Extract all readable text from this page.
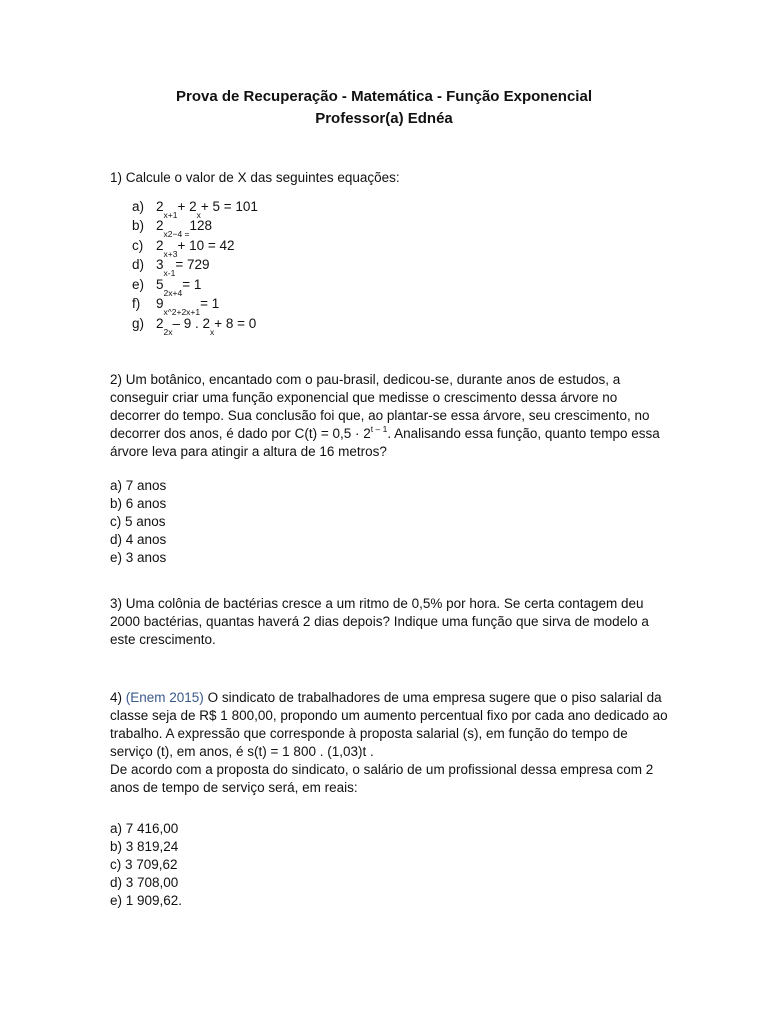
Prova de Recuperação - Matemática - Função Exponencial
Professor(a) Ednéa
1) Calcule o valor de X das seguintes equações:
a) 2
$^{x+1}$
+ 2
$^x$
+ 5 = 101
b) 2
$^{x2-4 =}$
128
c) 2
$^{x+3}$
+ 10 = 42
d) 3
$^{x-1}$
= 729
e) 5
$^{2x+4}$
= 1
f)	9
$^{x\^{}2+2x+1}$
= 1
g) 2
$^{2x}$
– 9 . 2
$^x$
+ 8 = 0

2) Um botânico, encantado com o pau-brasil, dedicou-se, durante anos de estudos, a conseguir criar uma função exponencial que medisse o crescimento dessa árvore no decorrer do tempo. Sua conclusão foi que, ao plantar-se essa árvore, seu crescimento, no decorrer dos anos, é dado por $C(t) = 0,5 \cdot 2^{t - 1}$. Analisando essa função, quanto tempo essa árvore leva para atingir a altura de 16 metros?

a) 7 anos
b) 6 anos
c) 5 anos
d) 4 anos
e) 3 anos

3) Uma colônia de bactérias cresce a um ritmo de 0,5% por hora. Se certa contagem deu 2000 bactérias, quantas haverá 2 dias depois? Indique uma função que sirva de modelo a este crescimento.

4) (Enem 2015) O sindicato de trabalhadores de uma empresa sugere que o piso salarial da classe seja de R$ 1 800,00, propondo um aumento percentual fixo por cada ano dedicado ao trabalho. A expressão que corresponde à proposta salarial (s), em função do tempo de serviço (t), em anos, é s(t) = 1 800 . (1,03)t .

De acordo com a proposta do sindicato, o salário de um profissional dessa empresa com 2 anos de tempo de serviço será, em reais:

a) 7 416,00
b) 3 819,24
c) 3 709,62
d) 3 708,00
e) 1 909,62.
